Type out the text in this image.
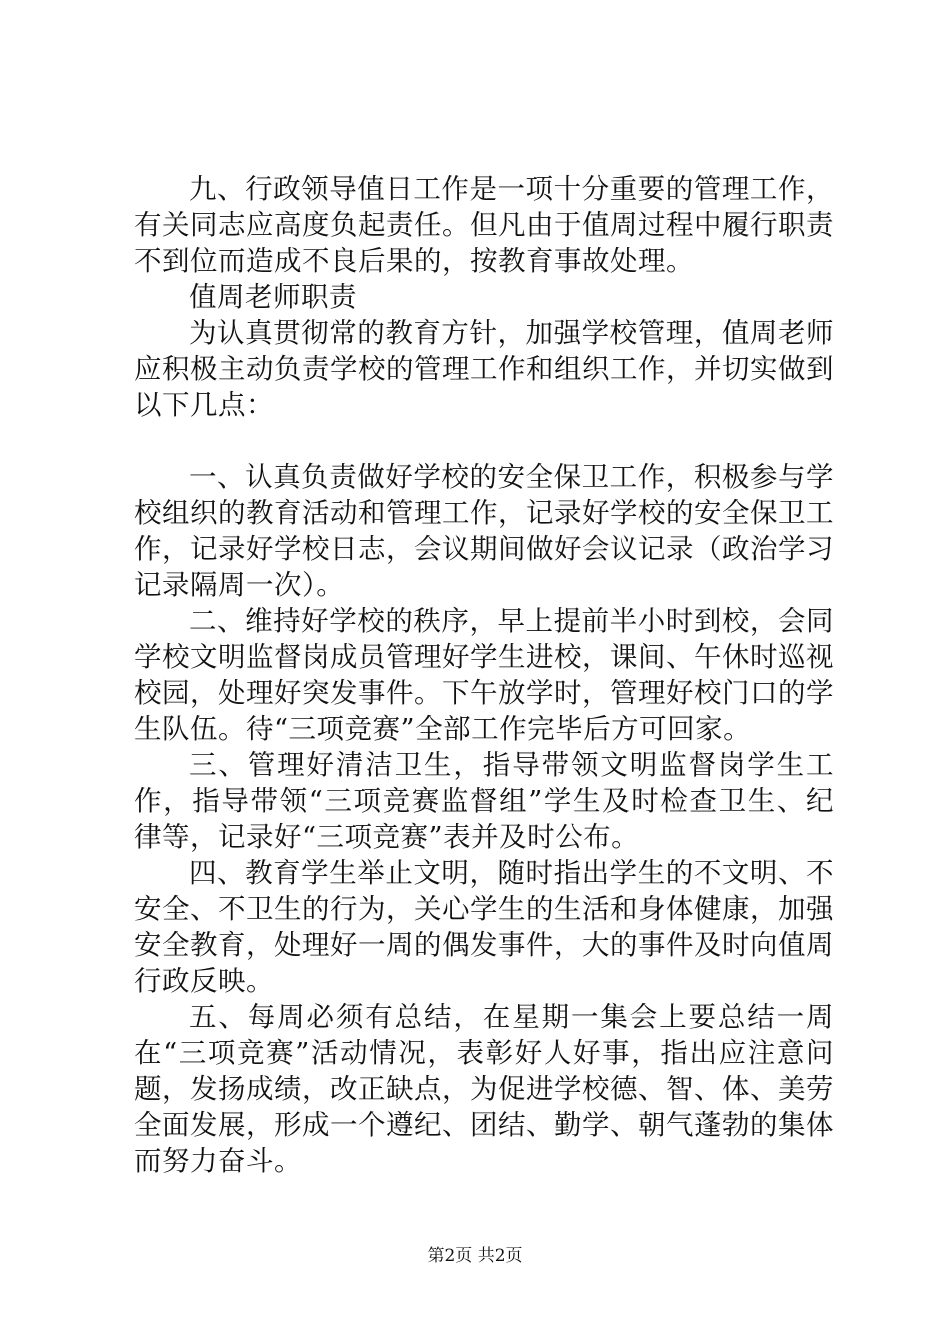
九、行政领导值日工作是一项十分重要的管理工作，有关同志应高度负起责任。但凡由于值周过程中履行职责不到位而造成不良后果的，按教育事故处理。

值周老师职责

为认真贯彻常的教育方针，加强学校管理，值周老师应积极主动负责学校的管理工作和组织工作，并切实做到以下几点：

一、认真负责做好学校的安全保卫工作，积极参与学校组织的教育活动和管理工作，记录好学校的安全保卫工作，记录好学校日志，会议期间做好会议记录（政治学习记录隔周一次）。

二、维持好学校的秩序，早上提前半小时到校，会同学校文明监督岗成员管理好学生进校，课间、午休时巡视校园，处理好突发事件。下午放学时，管理好校门口的学生队伍。待“三项竞赛”全部工作完毕后方可回家。

三、管理好清洁卫生，指导带领文明监督岗学生工作，指导带领“三项竞赛监督组”学生及时检查卫生、纪律等，记录好“三项竞赛”表并及时公布。

四、教育学生举止文明，随时指出学生的不文明、不安全、不卫生的行为，关心学生的生活和身体健康，加强安全教育，处理好一周的偶发事件，大的事件及时向值周行政反映。

五、每周必须有总结，在星期一集会上要总结一周在“三项竞赛”活动情况，表彰好人好事，指出应注意问题，发扬成绩，改正缺点，为促进学校德、智、体、美劳全面发展，形成一个遵纪、团结、勤学、朝气蓬勃的集体而努力奋斗。

第2页 共2页
